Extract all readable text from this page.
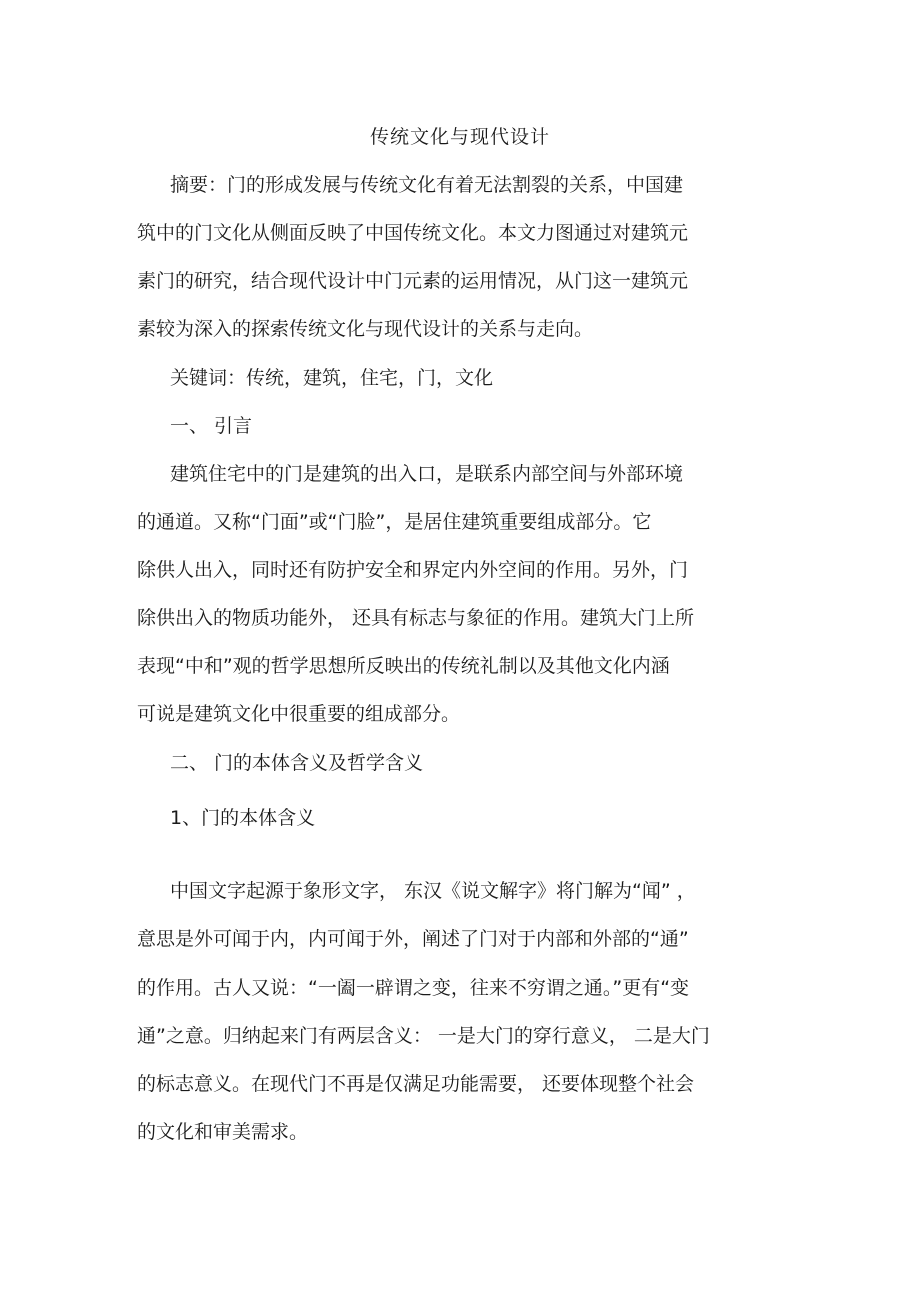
传统文化与现代设计
摘要：门的形成发展与传统文化有着无法割裂的关系，中国建
筑中的门文化从侧面反映了中国传统文化。本文力图通过对建筑元
素门的研究，结合现代设计中门元素的运用情况，从门这一建筑元
素较为深入的探索传统文化与现代设计的关系与走向。
关键词：传统，建筑，住宅，门，文化
一、 引言
建筑住宅中的门是建筑的出入口，是联系内部空间与外部环境
的通道。又称“门面”或“门脸”，是居住建筑重要组成部分。它
除供人出入，同时还有防护安全和界定内外空间的作用。另外，门
除供出入的物质功能外， 还具有标志与象征的作用。建筑大门上所
表现“中和”观的哲学思想所反映出的传统礼制以及其他文化内涵
可说是建筑文化中很重要的组成部分。
二、 门的本体含义及哲学含义
1、门的本体含义
中国文字起源于象形文字， 东汉《说文解字》将门解为“闻” ，
意思是外可闻于内，内可闻于外，阐述了门对于内部和外部的“通”
的作用。古人又说：“一阖一辟谓之变，往来不穷谓之通。”更有“变
通”之意。归纳起来门有两层含义： 一是大门的穿行意义， 二是大门
的标志意义。在现代门不再是仅满足功能需要， 还要体现整个社会
的文化和审美需求。
